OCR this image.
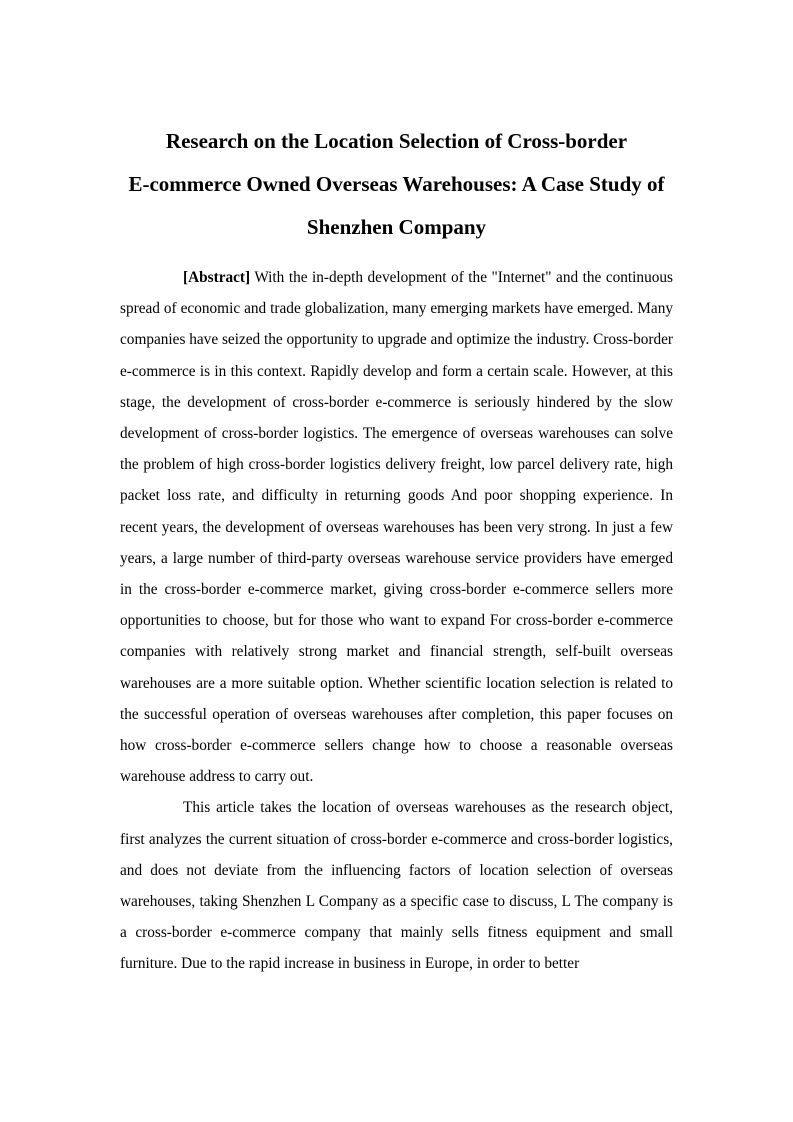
Research on the Location Selection of Cross-border
E-commerce Owned Overseas Warehouses: A Case Study of
Shenzhen Company

[Abstract] With the in-depth development of the "Internet" and the continuous spread of economic and trade globalization, many emerging markets have emerged. Many companies have seized the opportunity to upgrade and optimize the industry. Cross-border e-commerce is in this context. Rapidly develop and form a certain scale. However, at this stage, the development of cross-border e-commerce is seriously hindered by the slow development of cross-border logistics. The emergence of overseas warehouses can solve the problem of high cross-border logistics delivery freight, low parcel delivery rate, high packet loss rate, and difficulty in returning goods And poor shopping experience. In recent years, the development of overseas warehouses has been very strong. In just a few years, a large number of third-party overseas warehouse service providers have emerged in the cross-border e-commerce market, giving cross-border e-commerce sellers more opportunities to choose, but for those who want to expand For cross-border e-commerce companies with relatively strong market and financial strength, self-built overseas warehouses are a more suitable option. Whether scientific location selection is related to the successful operation of overseas warehouses after completion, this paper focuses on how cross-border e-commerce sellers change how to choose a reasonable overseas warehouse address to carry out.

This article takes the location of overseas warehouses as the research object, first analyzes the current situation of cross-border e-commerce and cross-border logistics, and does not deviate from the influencing factors of location selection of overseas warehouses, taking Shenzhen L Company as a specific case to discuss, L The company is a cross-border e-commerce company that mainly sells fitness equipment and small furniture. Due to the rapid increase in business in Europe, in order to better
